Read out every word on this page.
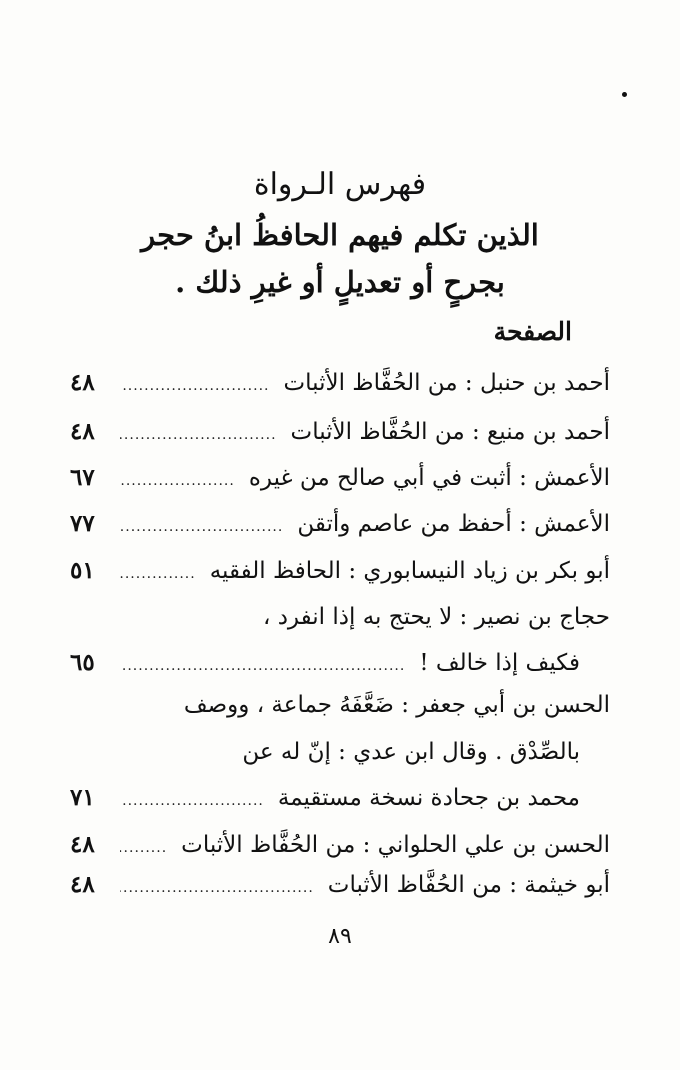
فهرس الـرواة
الذين تكلم فيهم الحافظُ ابنُ حجر
بجرحٍ أو تعديلٍ أو غيرِ ذلك .
الصفحة
أحمد بن حنبل : من الحُفَّاظ الأثبات
.....
٤٨
أحمد بن منيع : من الحُفَّاظ الأثبات
.....
٤٨
الأعمش : أثبت في أبي صالح من غيره
.....
٦٧
الأعمش : أحفظ من عاصم وأتقن
.....
٧٧
أبو بكر بن زياد النيسابوري : الحافظ الفقيه
.....
٥١
حجاج بن نصير : لا يحتج به إذا انفرد ،
فكيف إذا خالف !
.....
٦٥
الحسن بن أبي جعفر : ضَعَّفَهُ جماعة ، ووصف
بالصِّدْق . وقال ابن عدي : إنّ له عن
محمد بن جحادة نسخة مستقيمة
.....
٧١
الحسن بن علي الحلواني : من الحُفَّاظ الأثبات
.....
٤٨
أبو خيثمة : من الحُفَّاظ الأثبات
.....
٤٨
٨٩
